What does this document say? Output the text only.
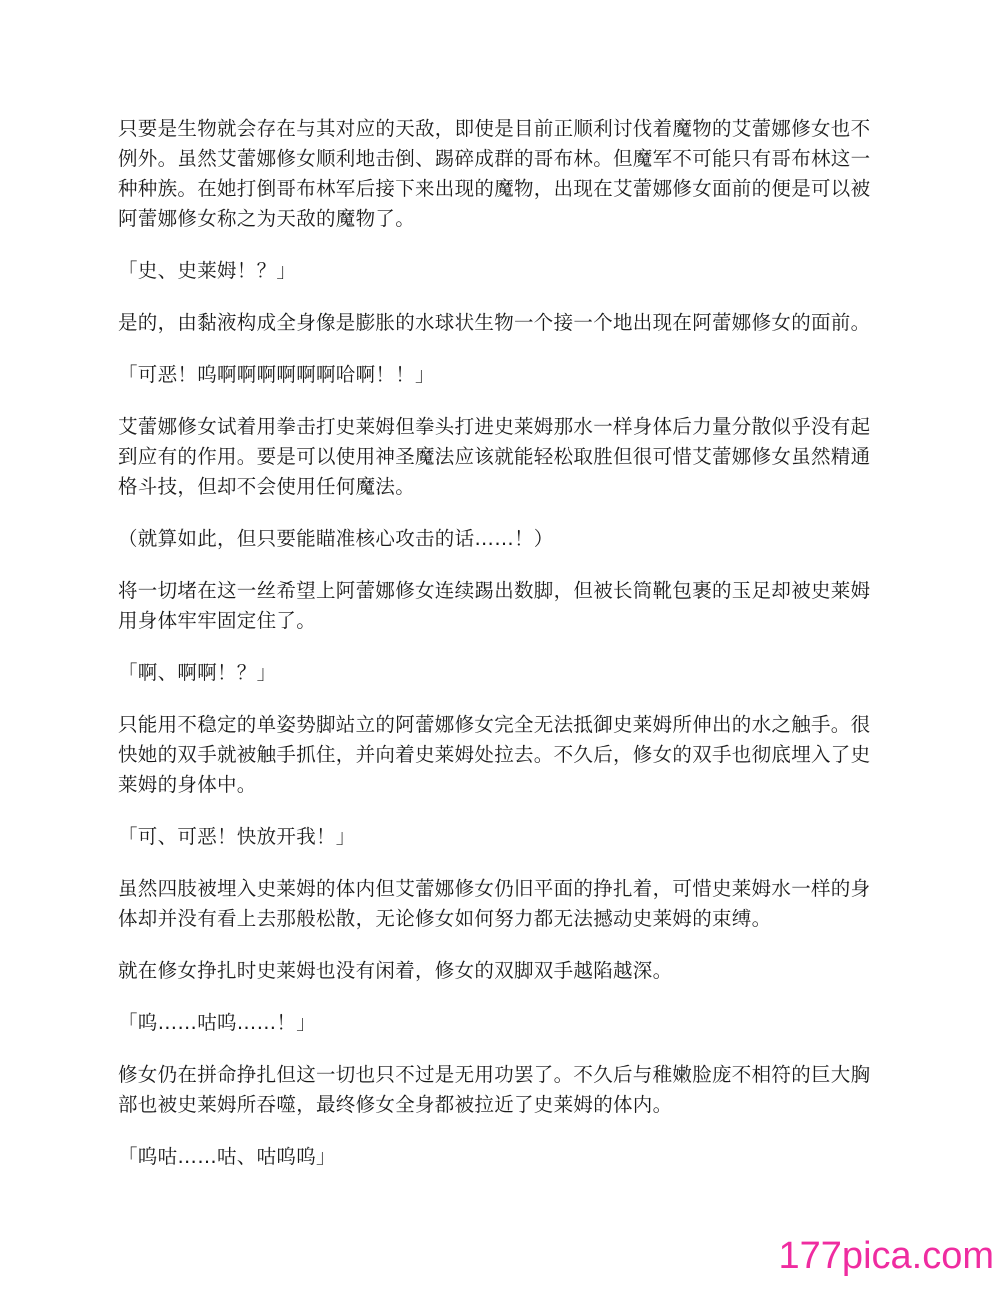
只要是生物就会存在与其对应的天敌，即使是目前正顺利讨伐着魔物的艾蕾娜修女也不例外。虽然艾蕾娜修女顺利地击倒、踢碎成群的哥布林。但魔军不可能只有哥布林这一种种族。在她打倒哥布林军后接下来出现的魔物，出现在艾蕾娜修女面前的便是可以被阿蕾娜修女称之为天敌的魔物了。

「史、史莱姆！？」

是的，由黏液构成全身像是膨胀的水球状生物一个接一个地出现在阿蕾娜修女的面前。

「可恶！呜啊啊啊啊啊啊哈啊！！」

艾蕾娜修女试着用拳击打史莱姆但拳头打进史莱姆那水一样身体后力量分散似乎没有起到应有的作用。要是可以使用神圣魔法应该就能轻松取胜但很可惜艾蕾娜修女虽然精通格斗技，但却不会使用任何魔法。

（就算如此，但只要能瞄准核心攻击的话……！）

将一切堵在这一丝希望上阿蕾娜修女连续踢出数脚，但被长筒靴包裹的玉足却被史莱姆用身体牢牢固定住了。

「啊、啊啊！？」

只能用不稳定的单姿势脚站立的阿蕾娜修女完全无法抵御史莱姆所伸出的水之触手。很快她的双手就被触手抓住，并向着史莱姆处拉去。不久后，修女的双手也彻底埋入了史莱姆的身体中。

「可、可恶！快放开我！」

虽然四肢被埋入史莱姆的体内但艾蕾娜修女仍旧平面的挣扎着，可惜史莱姆水一样的身体却并没有看上去那般松散，无论修女如何努力都无法撼动史莱姆的束缚。

就在修女挣扎时史莱姆也没有闲着，修女的双脚双手越陷越深。

「呜……咕呜……！」

修女仍在拼命挣扎但这一切也只不过是无用功罢了。不久后与稚嫩脸庞不相符的巨大胸部也被史莱姆所吞噬，最终修女全身都被拉近了史莱姆的体内。

「呜咕……咕、咕呜呜」

177pica.com
